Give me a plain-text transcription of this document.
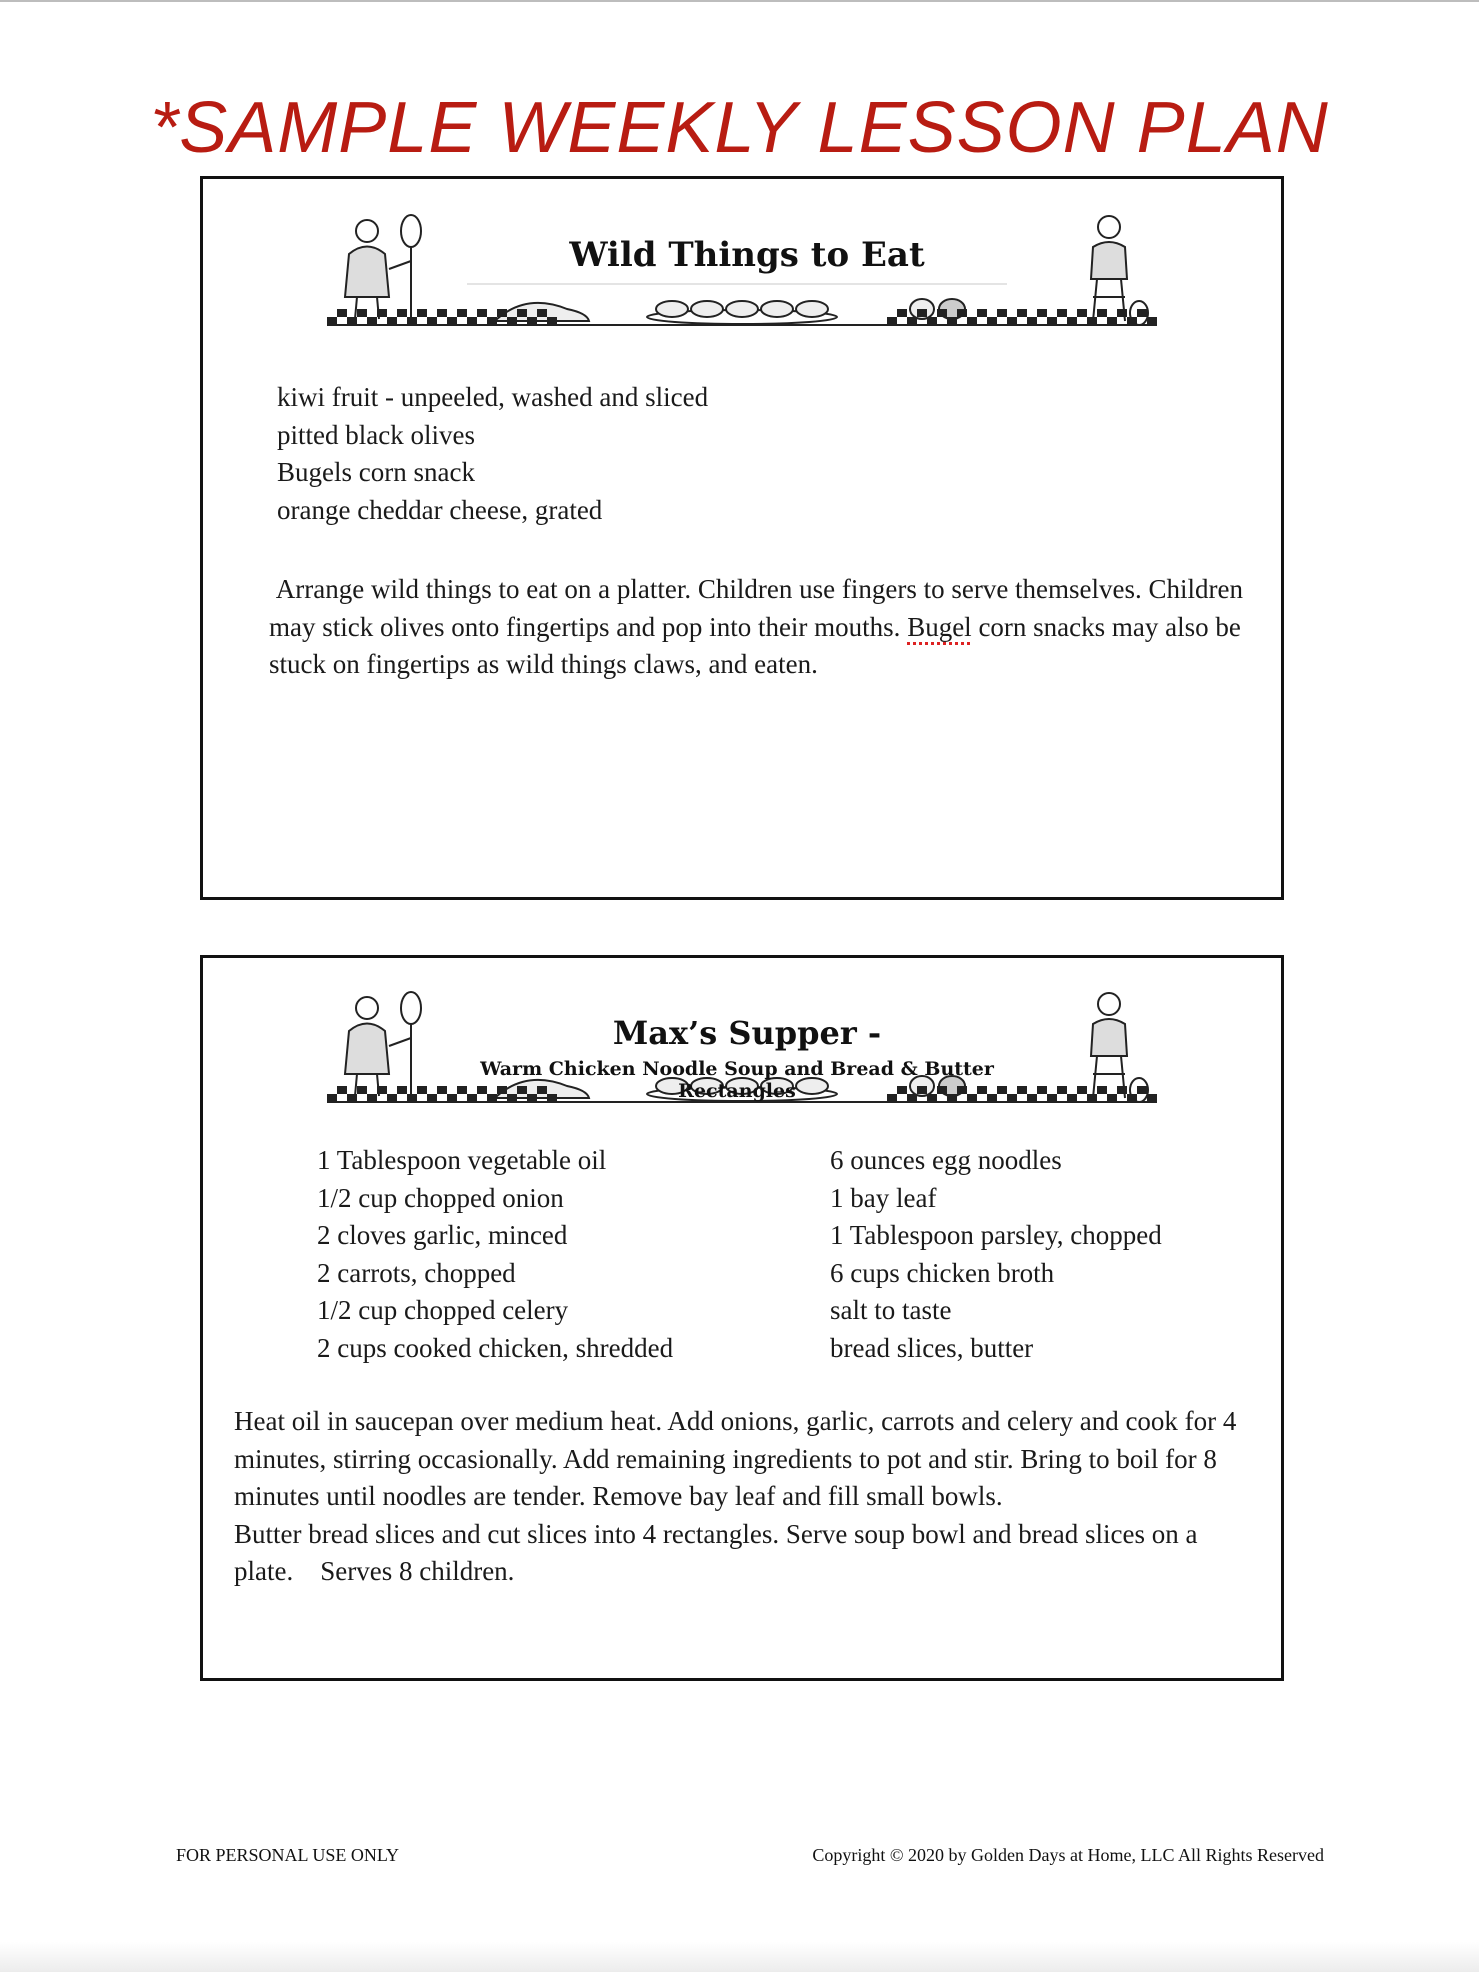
*SAMPLE WEEKLY LESSON PLAN
Wild Things to Eat
kiwi fruit - unpeeled, washed and sliced
pitted black olives
Bugels corn snack
orange cheddar cheese, grated
Arrange wild things to eat on a platter. Children use fingers to serve themselves. Children may stick olives onto fingertips and pop into their mouths. Bugel corn snacks may also be stuck on fingertips as wild things claws, and eaten.
Max’s Supper -
Warm Chicken Noodle Soup and Bread & Butter Rectangles
1 Tablespoon vegetable oil
1/2 cup chopped onion
2 cloves garlic, minced
2 carrots, chopped
1/2 cup chopped celery
2 cups cooked chicken, shredded
6 ounces egg noodles
1 bay leaf
1 Tablespoon parsley, chopped
6 cups chicken broth
salt to taste
bread slices, butter
Heat oil in saucepan over medium heat. Add onions, garlic, carrots and celery and cook for 4 minutes, stirring occasionally. Add remaining ingredients to pot and stir. Bring to boil for 8 minutes until noodles are tender. Remove bay leaf and fill small bowls.
Butter bread slices and cut slices into 4 rectangles. Serve soup bowl and bread slices on a plate. Serves 8 children.
FOR PERSONAL USE ONLY	Copyright © 2020 by Golden Days at Home, LLC All Rights Reserved
